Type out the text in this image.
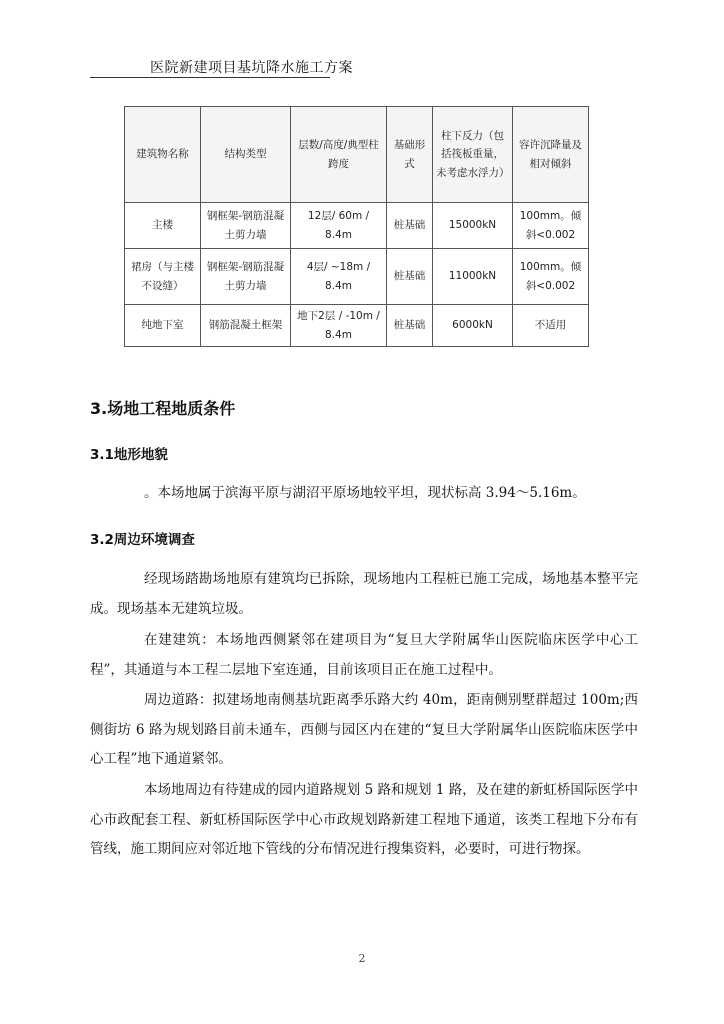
医院新建项目基坑降水施工方案
建筑物名称	结构类型	层数/高度/典型柱跨度	基础形式	柱下反力（包括筏板重量，未考虑水浮力）	容许沉降量及相对倾斜
主楼	钢框架-钢筋混凝土剪力墙	12层/ 60m / 8.4m	桩基础	15000kN	100mm。倾斜<0.002
裙房（与主楼不设缝）	钢框架-钢筋混凝土剪力墙	4层/ ~18m / 8.4m	桩基础	11000kN	100mm。倾斜<0.002
纯地下室	钢筋混凝土框架	地下2层 / -10m / 8.4m	桩基础	6000kN	不适用
3.场地工程地质条件
3.1地形地貌
。本场地属于滨海平原与湖沼平原场地较平坦，现状标高 3.94～5.16m。
3.2周边环境调查
经现场踏勘场地原有建筑均已拆除，现场地内工程桩已施工完成，场地基本整平完成。现场基本无建筑垃圾。
在建建筑：本场地西侧紧邻在建项目为“复旦大学附属华山医院临床医学中心工程”，其通道与本工程二层地下室连通，目前该项目正在施工过程中。
周边道路：拟建场地南侧基坑距离季乐路大约 40m，距南侧别墅群超过 100m;西侧街坊 6 路为规划路目前未通车，西侧与园区内在建的“复旦大学附属华山医院临床医学中心工程”地下通道紧邻。
本场地周边有待建成的园内道路规划 5 路和规划 1 路，及在建的新虹桥国际医学中心市政配套工程、新虹桥国际医学中心市政规划路新建工程地下通道，该类工程地下分布有管线，施工期间应对邻近地下管线的分布情况进行搜集资料，必要时，可进行物探。
2
